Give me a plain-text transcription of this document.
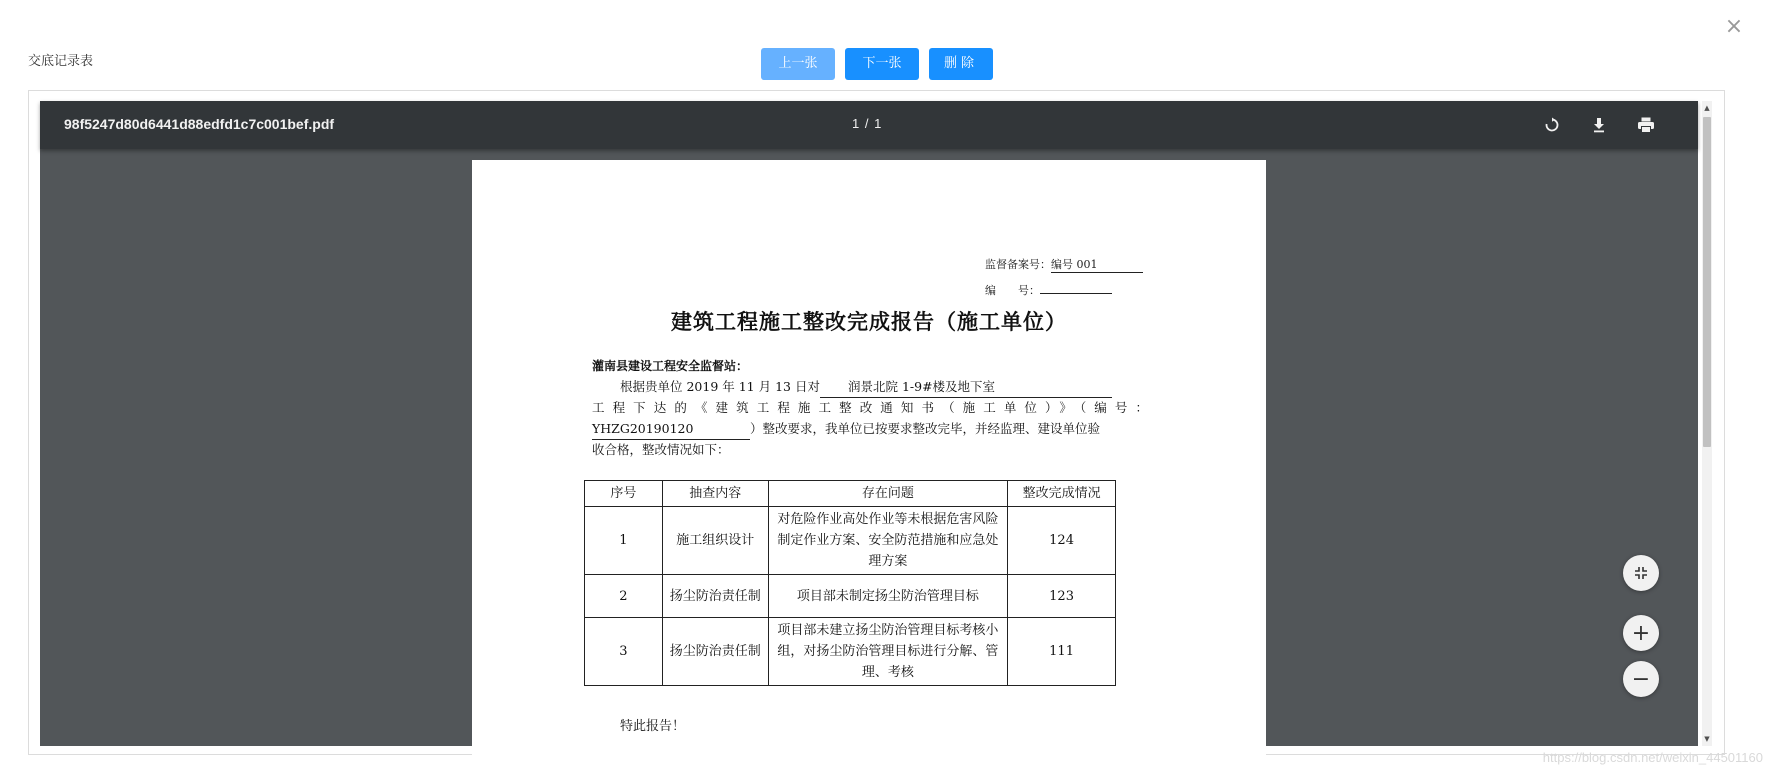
交底记录表
×
上一张	下一张	删除
98f5247d80d6441d88edfd1c7c001bef.pdf	1 / 1
监督备案号：编号 001
编　　号：
建筑工程施工整改完成报告（施工单位）
灌南县建设工程安全监督站：
根据贵单位 2019 年 11 月 13 日对 润景北院 1-9#楼及地下室
工程下达的《建筑工程施工整改通知书（施工单位）》（编号：
YHZG20190120	）整改要求，我单位已按要求整改完毕，并经监理、建设单位验
收合格，整改情况如下：
序号	抽查内容	存在问题	整改完成情况
1	施工组织设计	对危险作业高处作业等未根据危害风险制定作业方案、安全防范措施和应急处理方案	124
2	扬尘防治责任制	项目部未制定扬尘防治管理目标	123
3	扬尘防治责任制	项目部未建立扬尘防治管理目标考核小组，对扬尘防治管理目标进行分解、管理、考核	111
特此报告！
▲
▼
+
−
https://blog.csdn.net/weixin_44501160
